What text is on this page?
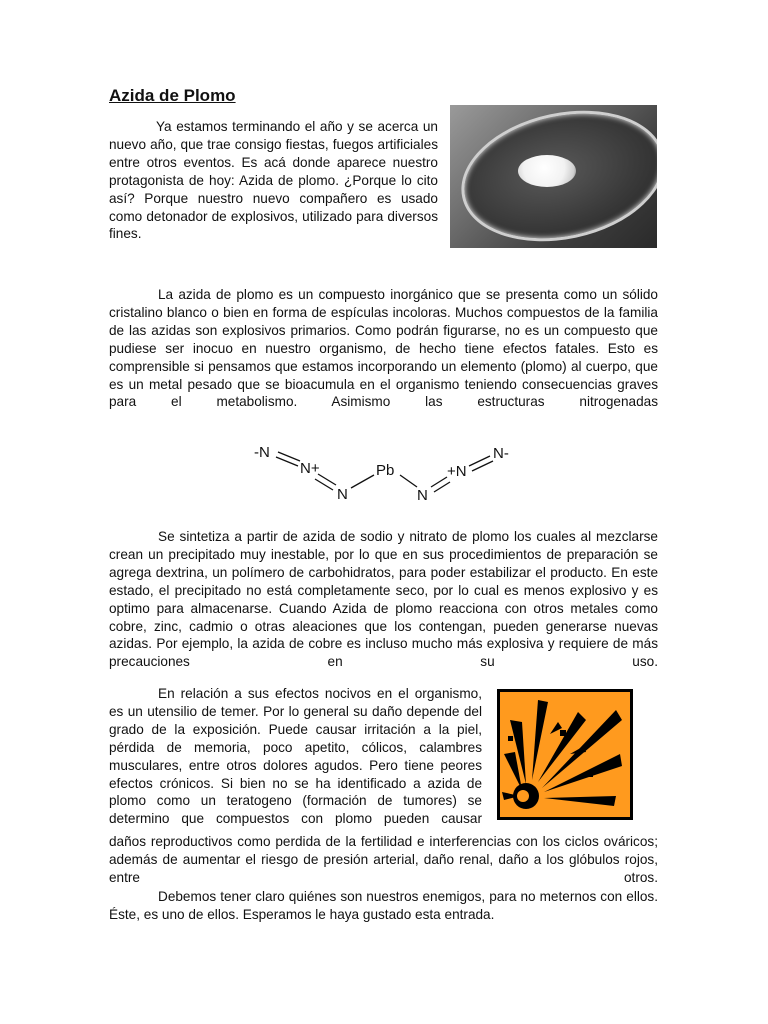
Azida de Plomo

Ya estamos terminando el año y se acerca un nuevo año, que trae consigo fiestas, fuegos artificiales entre otros eventos. Es acá donde aparece nuestro protagonista de hoy: Azida de plomo. ¿Porque lo cito así? Porque nuestro nuevo compañero es usado como detonador de explosivos, utilizado para diversos fines.

La azida de plomo es un compuesto inorgánico que se presenta como un sólido cristalino blanco o bien en forma de espículas incoloras. Muchos compuestos de la familia de las azidas son explosivos primarios. Como podrán figurarse, no es un compuesto que pudiese ser inocuo en nuestro organismo, de hecho tiene efectos fatales. Esto es comprensible si pensamos que estamos incorporando un elemento (plomo) al cuerpo, que es un metal pesado que se bioacumula en el organismo teniendo consecuencias graves para el metabolismo. Asimismo las estructuras nitrogenadas

-N
N+
N
Pb
N
+N
N-

Se sintetiza a partir de azida de sodio y nitrato de plomo los cuales al mezclarse crean un precipitado muy inestable, por lo que en sus procedimientos de preparación se agrega dextrina, un polímero de carbohidratos, para poder estabilizar el producto. En este estado, el precipitado no está completamente seco, por lo cual es menos explosivo y es optimo para almacenarse. Cuando Azida de plomo reacciona con otros metales como cobre, zinc, cadmio o otras aleaciones que los contengan, pueden generarse nuevas azidas. Por ejemplo, la azida de cobre es incluso mucho más explosiva y requiere de más precauciones en su uso.

En relación a sus efectos nocivos en el organismo, es un utensilio de temer. Por lo general su daño depende del grado de la exposición. Puede causar irritación a la piel, pérdida de memoria, poco apetito, cólicos, calambres musculares, entre otros dolores agudos. Pero tiene peores efectos crónicos. Si bien no se ha identificado a azida de plomo como un teratogeno (formación de tumores) se determino que compuestos con plomo pueden causar

daños reproductivos como perdida de la fertilidad e interferencias con los ciclos ováricos; además de aumentar el riesgo de presión arterial, daño renal, daño a los glóbulos rojos, entre otros.

Debemos tener claro quiénes son nuestros enemigos, para no meternos con ellos. Éste, es uno de ellos. Esperamos le haya gustado esta entrada.
